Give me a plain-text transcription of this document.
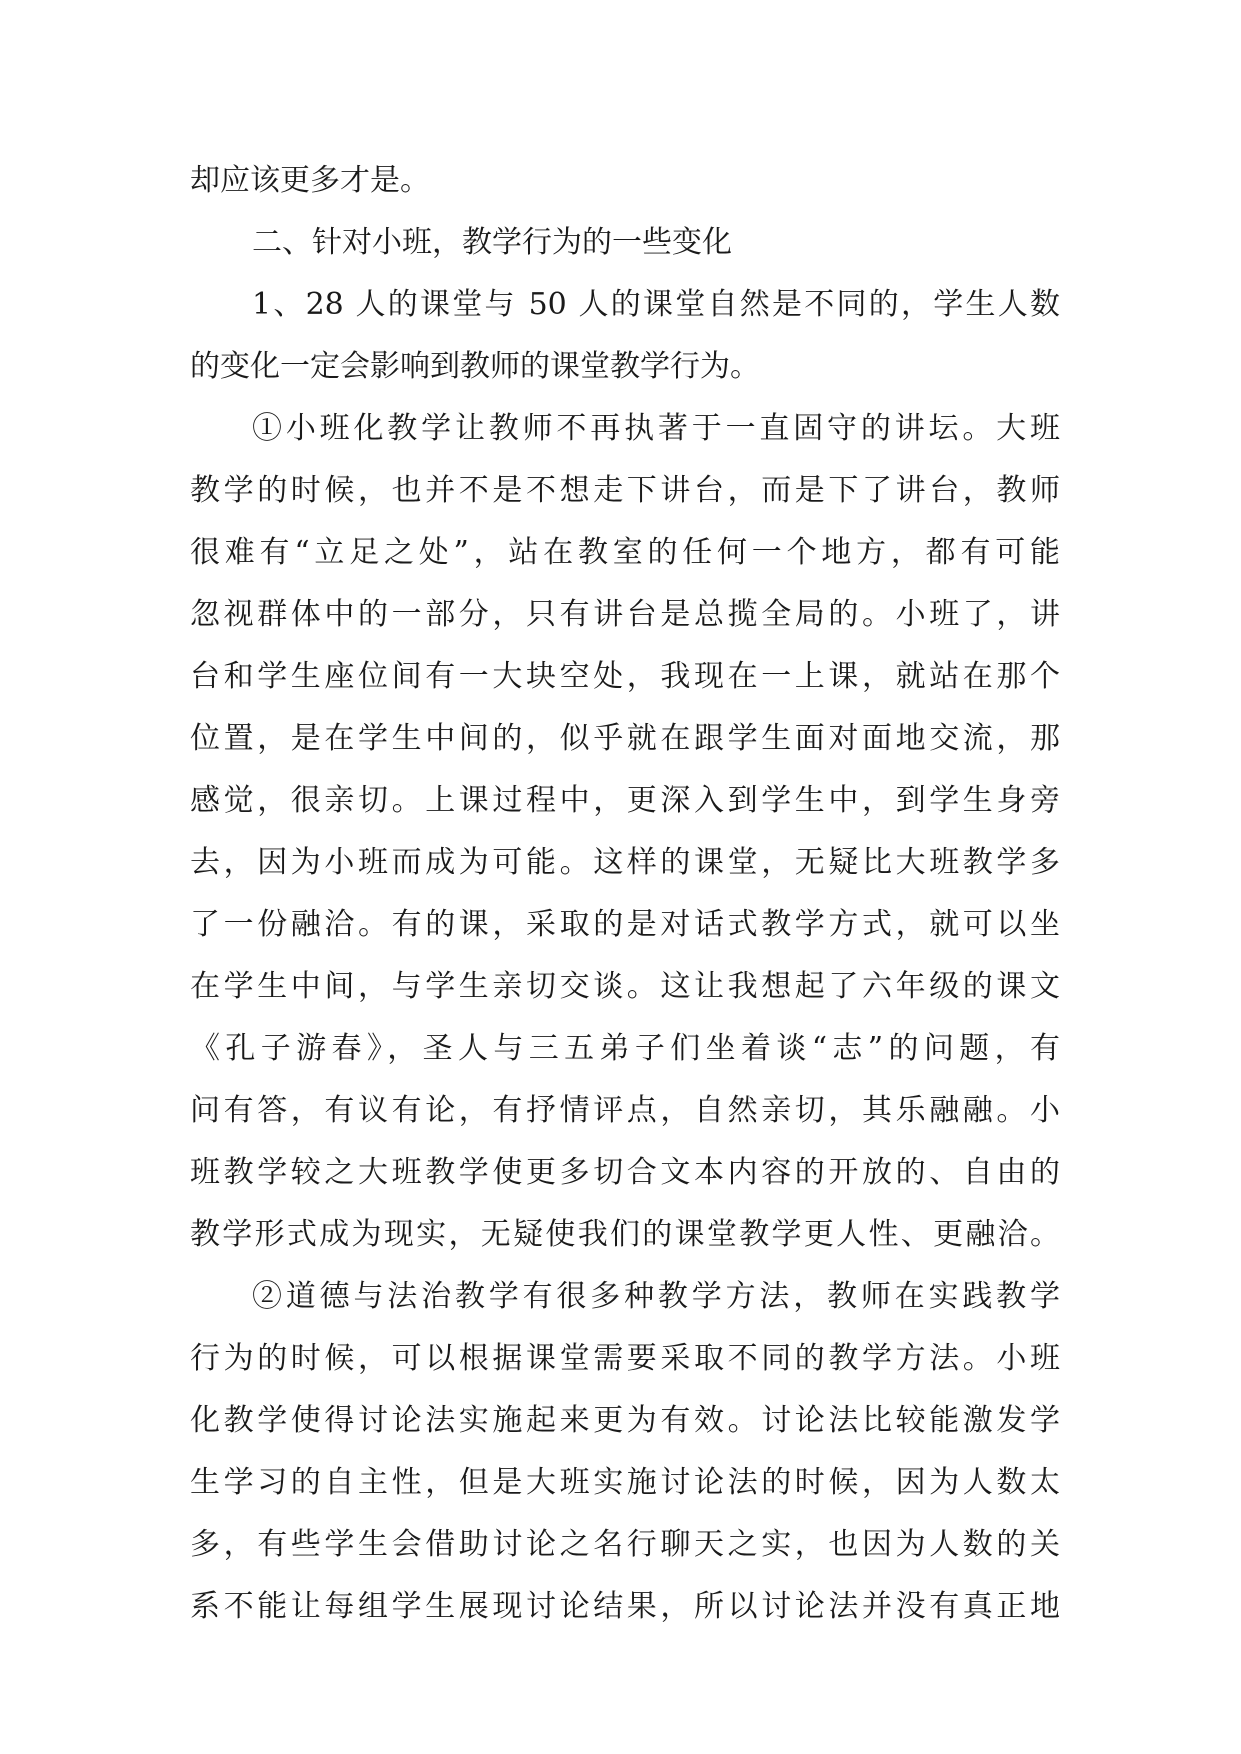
却应该更多才是。
二、针对小班，教学行为的一些变化
1、28 人的课堂与 50 人的课堂自然是不同的，学生人数
的变化一定会影响到教师的课堂教学行为。
①小班化教学让教师不再执著于一直固守的讲坛。大班
教学的时候，也并不是不想走下讲台，而是下了讲台，教师
很难有“立足之处”，站在教室的任何一个地方，都有可能
忽视群体中的一部分，只有讲台是总揽全局的。小班了，讲
台和学生座位间有一大块空处，我现在一上课，就站在那个
位置，是在学生中间的，似乎就在跟学生面对面地交流，那
感觉，很亲切。上课过程中，更深入到学生中，到学生身旁
去，因为小班而成为可能。这样的课堂，无疑比大班教学多
了一份融洽。有的课，采取的是对话式教学方式，就可以坐
在学生中间，与学生亲切交谈。这让我想起了六年级的课文
《孔子游春》，圣人与三五弟子们坐着谈“志”的问题，有
问有答，有议有论，有抒情评点，自然亲切，其乐融融。小
班教学较之大班教学使更多切合文本内容的开放的、自由的
教学形式成为现实，无疑使我们的课堂教学更人性、更融洽。
②道德与法治教学有很多种教学方法，教师在实践教学
行为的时候，可以根据课堂需要采取不同的教学方法。小班
化教学使得讨论法实施起来更为有效。讨论法比较能激发学
生学习的自主性，但是大班实施讨论法的时候，因为人数太
多，有些学生会借助讨论之名行聊天之实，也因为人数的关
系不能让每组学生展现讨论结果，所以讨论法并没有真正地
